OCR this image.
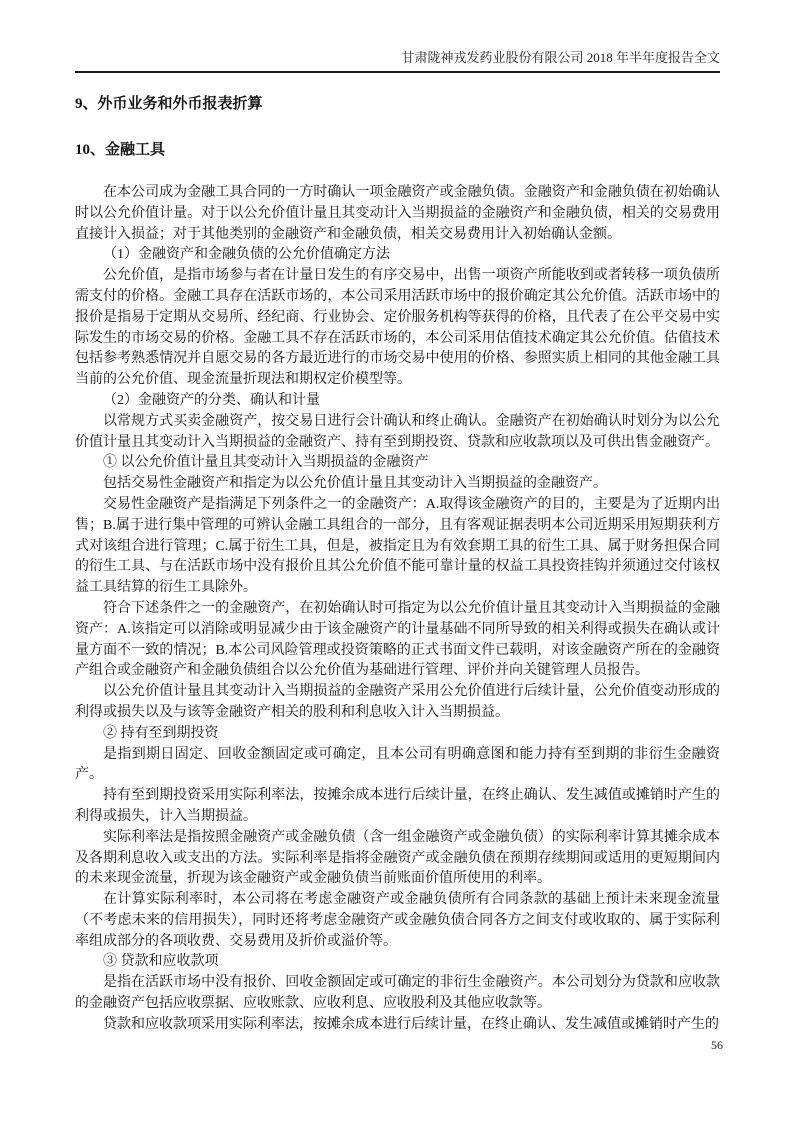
甘肃陇神戎发药业股份有限公司 2018 年半年度报告全文
9、外币业务和外币报表折算
10、金融工具

在本公司成为金融工具合同的一方时确认一项金融资产或金融负债。金融资产和金融负债在初始确认时以公允价值计量。对于以公允价值计量且其变动计入当期损益的金融资产和金融负债，相关的交易费用直接计入损益；对于其他类别的金融资产和金融负债，相关交易费用计入初始确认金额。

（1）金融资产和金融负债的公允价值确定方法

公允价值，是指市场参与者在计量日发生的有序交易中，出售一项资产所能收到或者转移一项负债所需支付的价格。金融工具存在活跃市场的，本公司采用活跃市场中的报价确定其公允价值。活跃市场中的报价是指易于定期从交易所、经纪商、行业协会、定价服务机构等获得的价格，且代表了在公平交易中实际发生的市场交易的价格。金融工具不存在活跃市场的，本公司采用估值技术确定其公允价值。估值技术包括参考熟悉情况并自愿交易的各方最近进行的市场交易中使用的价格、参照实质上相同的其他金融工具当前的公允价值、现金流量折现法和期权定价模型等。

（2）金融资产的分类、确认和计量

以常规方式买卖金融资产，按交易日进行会计确认和终止确认。金融资产在初始确认时划分为以公允价值计量且其变动计入当期损益的金融资产、持有至到期投资、贷款和应收款项以及可供出售金融资产。

① 以公允价值计量且其变动计入当期损益的金融资产

包括交易性金融资产和指定为以公允价值计量且其变动计入当期损益的金融资产。

交易性金融资产是指满足下列条件之一的金融资产：A.取得该金融资产的目的，主要是为了近期内出售；B.属于进行集中管理的可辨认金融工具组合的一部分，且有客观证据表明本公司近期采用短期获利方式对该组合进行管理；C.属于衍生工具，但是，被指定且为有效套期工具的衍生工具、属于财务担保合同的衍生工具、与在活跃市场中没有报价且其公允价值不能可靠计量的权益工具投资挂钩并须通过交付该权益工具结算的衍生工具除外。

符合下述条件之一的金融资产，在初始确认时可指定为以公允价值计量且其变动计入当期损益的金融资产：A.该指定可以消除或明显减少由于该金融资产的计量基础不同所导致的相关利得或损失在确认或计量方面不一致的情况；B.本公司风险管理或投资策略的正式书面文件已载明，对该金融资产所在的金融资产组合或金融资产和金融负债组合以公允价值为基础进行管理、评价并向关键管理人员报告。

以公允价值计量且其变动计入当期损益的金融资产采用公允价值进行后续计量，公允价值变动形成的利得或损失以及与该等金融资产相关的股利和利息收入计入当期损益。

② 持有至到期投资

是指到期日固定、回收金额固定或可确定，且本公司有明确意图和能力持有至到期的非衍生金融资产。

持有至到期投资采用实际利率法，按摊余成本进行后续计量，在终止确认、发生减值或摊销时产生的利得或损失，计入当期损益。

实际利率法是指按照金融资产或金融负债（含一组金融资产或金融负债）的实际利率计算其摊余成本及各期利息收入或支出的方法。实际利率是指将金融资产或金融负债在预期存续期间或适用的更短期间内的未来现金流量，折现为该金融资产或金融负债当前账面价值所使用的利率。

在计算实际利率时，本公司将在考虑金融资产或金融负债所有合同条款的基础上预计未来现金流量（不考虑未来的信用损失），同时还将考虑金融资产或金融负债合同各方之间支付或收取的、属于实际利率组成部分的各项收费、交易费用及折价或溢价等。

③ 贷款和应收款项

是指在活跃市场中没有报价、回收金额固定或可确定的非衍生金融资产。本公司划分为贷款和应收款的金融资产包括应收票据、应收账款、应收利息、应收股利及其他应收款等。

贷款和应收款项采用实际利率法，按摊余成本进行后续计量，在终止确认、发生减值或摊销时产生的

56
